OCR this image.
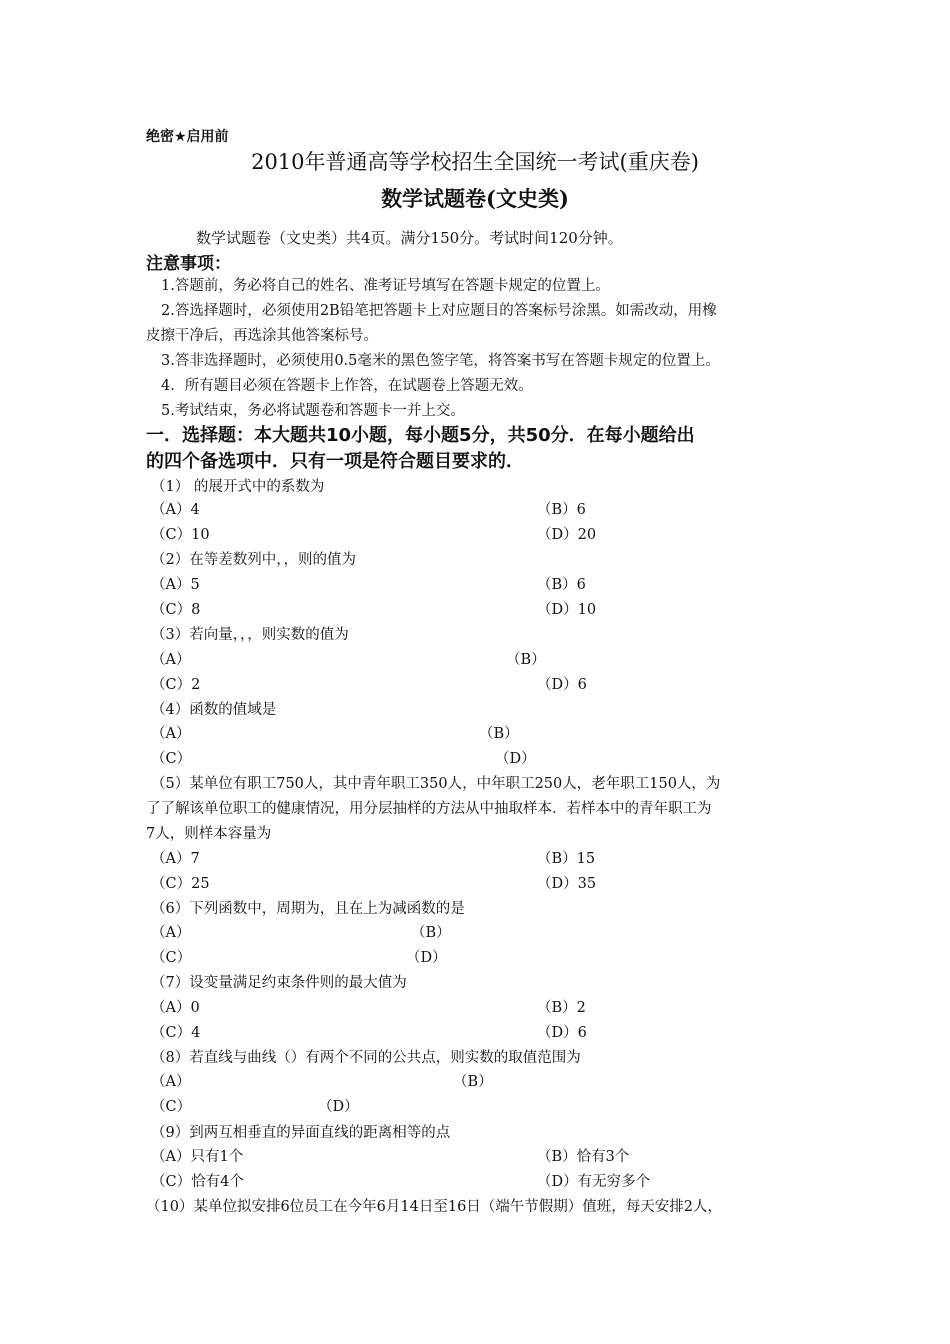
绝密★启用前
2010年普通高等学校招生全国统一考试(重庆卷)
数学试题卷(文史类)
数学试题卷（文史类）共4页。满分150分。考试时间120分钟。
注意事项：
1.答题前，务必将自己的姓名、准考证号填写在答题卡规定的位置上。
2.答选择题时，必须使用2B铅笔把答题卡上对应题目的答案标号涂黑。如需改动，用橡
皮擦干净后，再选涂其他答案标号。
3.答非选择题时，必须使用0.5毫米的黑色签字笔，将答案书写在答题卡规定的位置上。
4．所有题目必须在答题卡上作答，在试题卷上答题无效。
5.考试结束，务必将试题卷和答题卡一并上交。
一．选择题：本大题共10小题，每小题5分，共50分．在每小题给出
的四个备选项中．只有一项是符合题目要求的．
（1） 的展开式中的系数为
（A）4	（B）6
（C）10	（D）20
（2）在等差数列中，，则的值为
（A）5	（B）6
（C）8	（D）10
（3）若向量，，，则实数的值为
（A）	（B）
（C）2	（D）6
（4）函数的值域是
（A）	（B）
（C）	（D）
（5）某单位有职工750人，其中青年职工350人，中年职工250人，老年职工150人，为
了了解该单位职工的健康情况，用分层抽样的方法从中抽取样本．若样本中的青年职工为
7人，则样本容量为
（A）7	（B）15
（C）25	（D）35
（6）下列函数中，周期为，且在上为减函数的是
（A）	（B）
（C）	（D）
（7）设变量满足约束条件则的最大值为
（A）0	（B）2
（C）4	（D）6
（8）若直线与曲线（）有两个不同的公共点，则实数的取值范围为
（A）	（B）
（C）	（D）
（9）到两互相垂直的异面直线的距离相等的点
（A）只有1个	（B）恰有3个
（C）恰有4个	（D）有无穷多个
（10）某单位拟安排6位员工在今年6月14日至16日（端午节假期）值班，每天安排2人，
